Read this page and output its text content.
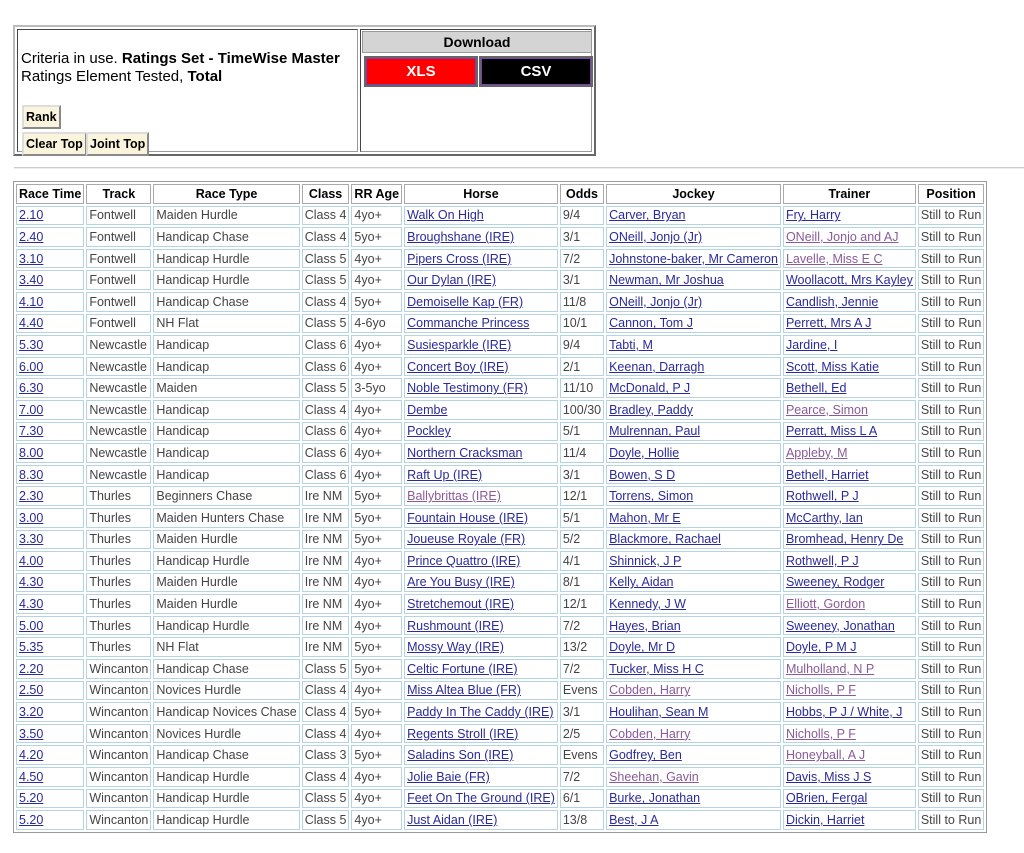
Criteria in use. Ratings Set - TimeWise Master
Ratings Element Tested, Total
Rank
Clear Top Joint Top

Download
XLS	CSV
Race Time	Track	Race Type	Class	RR Age	Horse	Odds	Jockey	Trainer	Position
2.10	Fontwell	Maiden Hurdle	Class 4	4yo+	Walk On High	9/4	Carver, Bryan	Fry, Harry	Still to Run
2.40	Fontwell	Handicap Chase	Class 4	5yo+	Broughshane (IRE)	3/1	ONeill, Jonjo (Jr)	ONeill, Jonjo and AJ	Still to Run
3.10	Fontwell	Handicap Hurdle	Class 5	4yo+	Pipers Cross (IRE)	7/2	Johnstone-baker, Mr Cameron	Lavelle, Miss E C	Still to Run
3.40	Fontwell	Handicap Hurdle	Class 5	4yo+	Our Dylan (IRE)	3/1	Newman, Mr Joshua	Woollacott, Mrs Kayley	Still to Run
4.10	Fontwell	Handicap Chase	Class 4	5yo+	Demoiselle Kap (FR)	11/8	ONeill, Jonjo (Jr)	Candlish, Jennie	Still to Run
4.40	Fontwell	NH Flat	Class 5	4-6yo	Commanche Princess	10/1	Cannon, Tom J	Perrett, Mrs A J	Still to Run
5.30	Newcastle	Handicap	Class 6	4yo+	Susiesparkle (IRE)	9/4	Tabti, M	Jardine, I	Still to Run
6.00	Newcastle	Handicap	Class 6	4yo+	Concert Boy (IRE)	2/1	Keenan, Darragh	Scott, Miss Katie	Still to Run
6.30	Newcastle	Maiden	Class 5	3-5yo	Noble Testimony (FR)	11/10	McDonald, P J	Bethell, Ed	Still to Run
7.00	Newcastle	Handicap	Class 4	4yo+	Dembe	100/30	Bradley, Paddy	Pearce, Simon	Still to Run
7.30	Newcastle	Handicap	Class 6	4yo+	Pockley	5/1	Mulrennan, Paul	Perratt, Miss L A	Still to Run
8.00	Newcastle	Handicap	Class 6	4yo+	Northern Cracksman	11/4	Doyle, Hollie	Appleby, M	Still to Run
8.30	Newcastle	Handicap	Class 6	4yo+	Raft Up (IRE)	3/1	Bowen, S D	Bethell, Harriet	Still to Run
2.30	Thurles	Beginners Chase	Ire NM	5yo+	Ballybrittas (IRE)	12/1	Torrens, Simon	Rothwell, P J	Still to Run
3.00	Thurles	Maiden Hunters Chase	Ire NM	5yo+	Fountain House (IRE)	5/1	Mahon, Mr E	McCarthy, Ian	Still to Run
3.30	Thurles	Maiden Hurdle	Ire NM	5yo+	Joueuse Royale (FR)	5/2	Blackmore, Rachael	Bromhead, Henry De	Still to Run
4.00	Thurles	Handicap Hurdle	Ire NM	4yo+	Prince Quattro (IRE)	4/1	Shinnick, J P	Rothwell, P J	Still to Run
4.30	Thurles	Maiden Hurdle	Ire NM	4yo+	Are You Busy (IRE)	8/1	Kelly, Aidan	Sweeney, Rodger	Still to Run
4.30	Thurles	Maiden Hurdle	Ire NM	4yo+	Stretchemout (IRE)	12/1	Kennedy, J W	Elliott, Gordon	Still to Run
5.00	Thurles	Handicap Hurdle	Ire NM	4yo+	Rushmount (IRE)	7/2	Hayes, Brian	Sweeney, Jonathan	Still to Run
5.35	Thurles	NH Flat	Ire NM	5yo+	Mossy Way (IRE)	13/2	Doyle, Mr D	Doyle, P M J	Still to Run
2.20	Wincanton	Handicap Chase	Class 5	5yo+	Celtic Fortune (IRE)	7/2	Tucker, Miss H C	Mulholland, N P	Still to Run
2.50	Wincanton	Novices Hurdle	Class 4	4yo+	Miss Altea Blue (FR)	Evens	Cobden, Harry	Nicholls, P F	Still to Run
3.20	Wincanton	Handicap Novices Chase	Class 4	5yo+	Paddy In The Caddy (IRE)	3/1	Houlihan, Sean M	Hobbs, P J / White, J	Still to Run
3.50	Wincanton	Novices Hurdle	Class 4	4yo+	Regents Stroll (IRE)	2/5	Cobden, Harry	Nicholls, P F	Still to Run
4.20	Wincanton	Handicap Chase	Class 3	5yo+	Saladins Son (IRE)	Evens	Godfrey, Ben	Honeyball, A J	Still to Run
4.50	Wincanton	Handicap Hurdle	Class 4	4yo+	Jolie Baie (FR)	7/2	Sheehan, Gavin	Davis, Miss J S	Still to Run
5.20	Wincanton	Handicap Hurdle	Class 5	4yo+	Feet On The Ground (IRE)	6/1	Burke, Jonathan	OBrien, Fergal	Still to Run
5.20	Wincanton	Handicap Hurdle	Class 5	4yo+	Just Aidan (IRE)	13/8	Best, J A	Dickin, Harriet	Still to Run
